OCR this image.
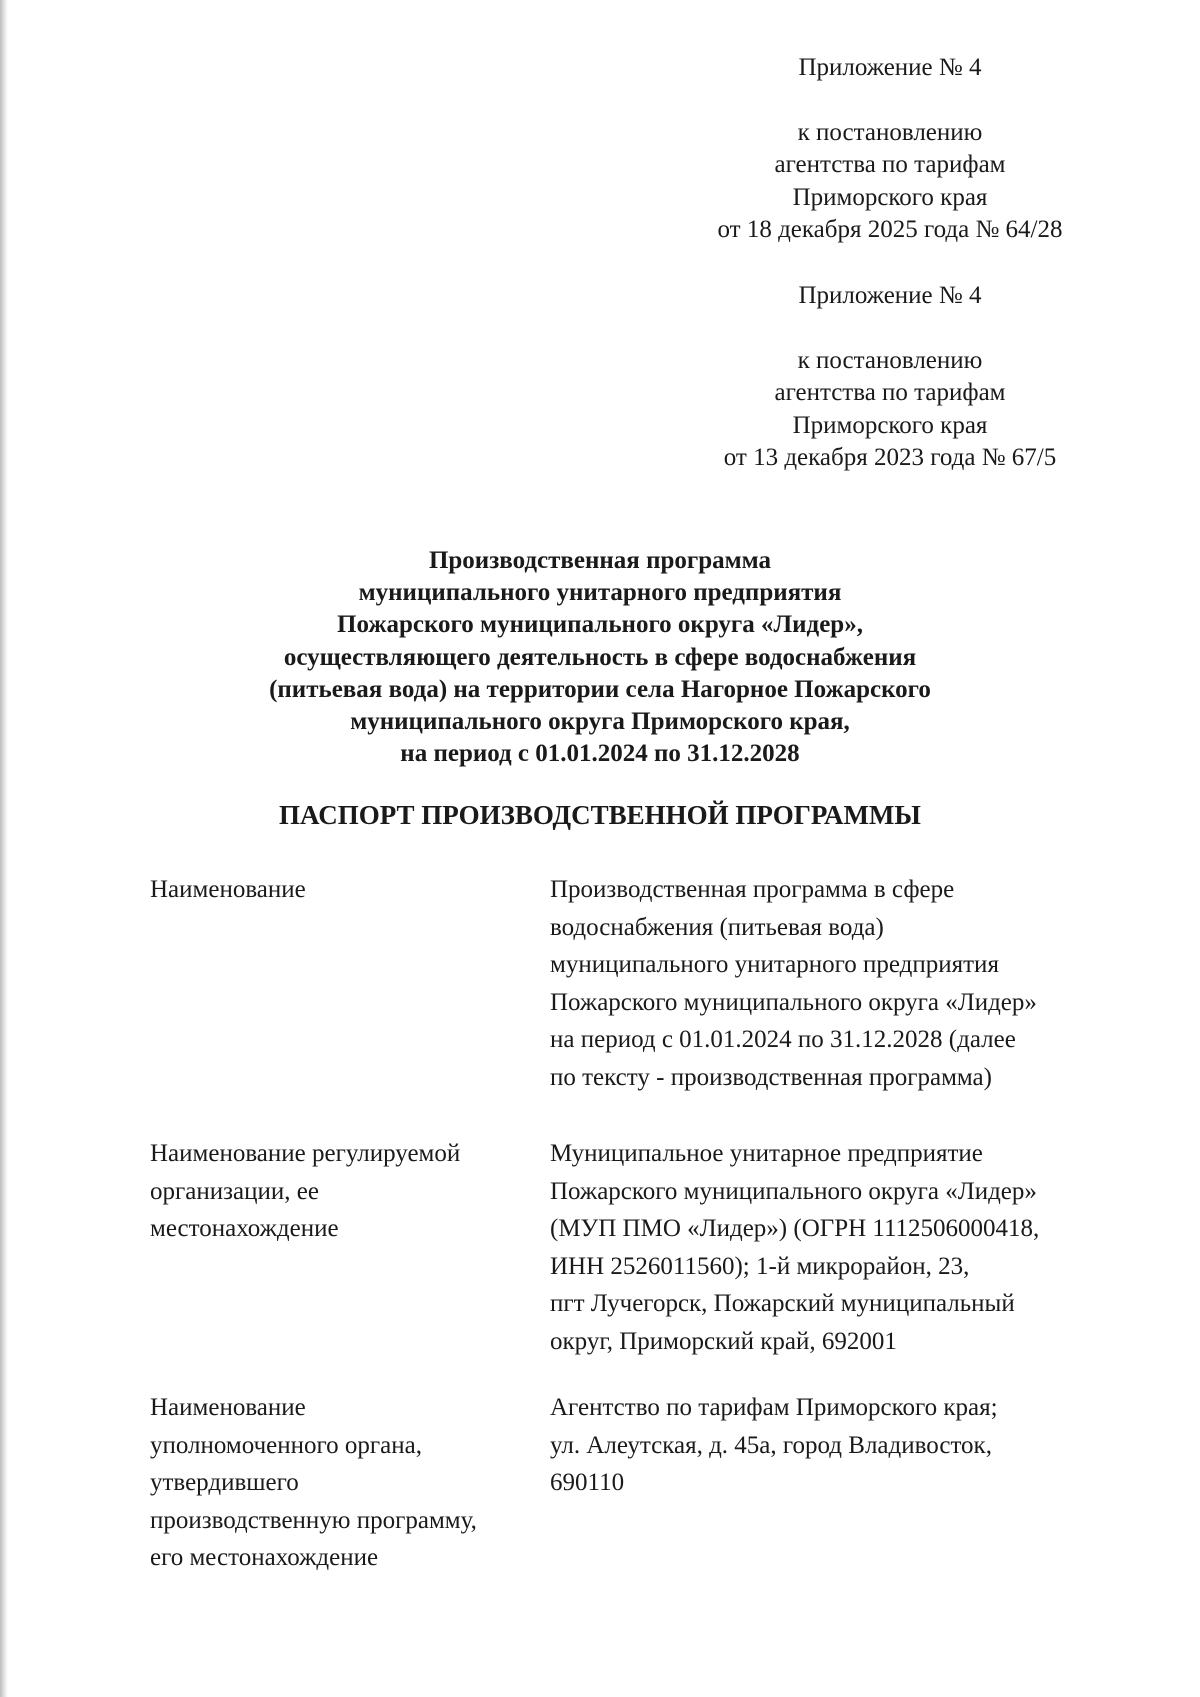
Приложение № 4
к постановлению
агентства по тарифам
Приморского края
от 18 декабря 2025 года № 64/28
Приложение № 4
к постановлению
агентства по тарифам
Приморского края
от 13 декабря 2023 года № 67/5
Производственная программа
муниципального унитарного предприятия
Пожарского муниципального округа «Лидер»,
осуществляющего деятельность в сфере водоснабжения
(питьевая вода) на территории села Нагорное Пожарского
муниципального округа Приморского края,
на период с 01.01.2024 по 31.12.2028
ПАСПОРТ ПРОИЗВОДСТВЕННОЙ ПРОГРАММЫ
Наименование	Производственная программа в сфере
водоснабжения (питьевая вода)
муниципального унитарного предприятия
Пожарского муниципального округа «Лидер»
на период с 01.01.2024 по 31.12.2028 (далее
по тексту - производственная программа)
Наименование регулируемой
организации, ее
местонахождение
Муниципальное унитарное предприятие
Пожарского муниципального округа «Лидер»
(МУП ПМО «Лидер») (ОГРН 1112506000418,
ИНН 2526011560); 1-й микрорайон, 23,
пгт Лучегорск, Пожарский муниципальный
округ, Приморский край, 692001
Наименование
уполномоченного органа,
утвердившего
производственную программу,
его местонахождение
Агентство по тарифам Приморского края;
ул. Алеутская, д. 45а, город Владивосток,
690110
